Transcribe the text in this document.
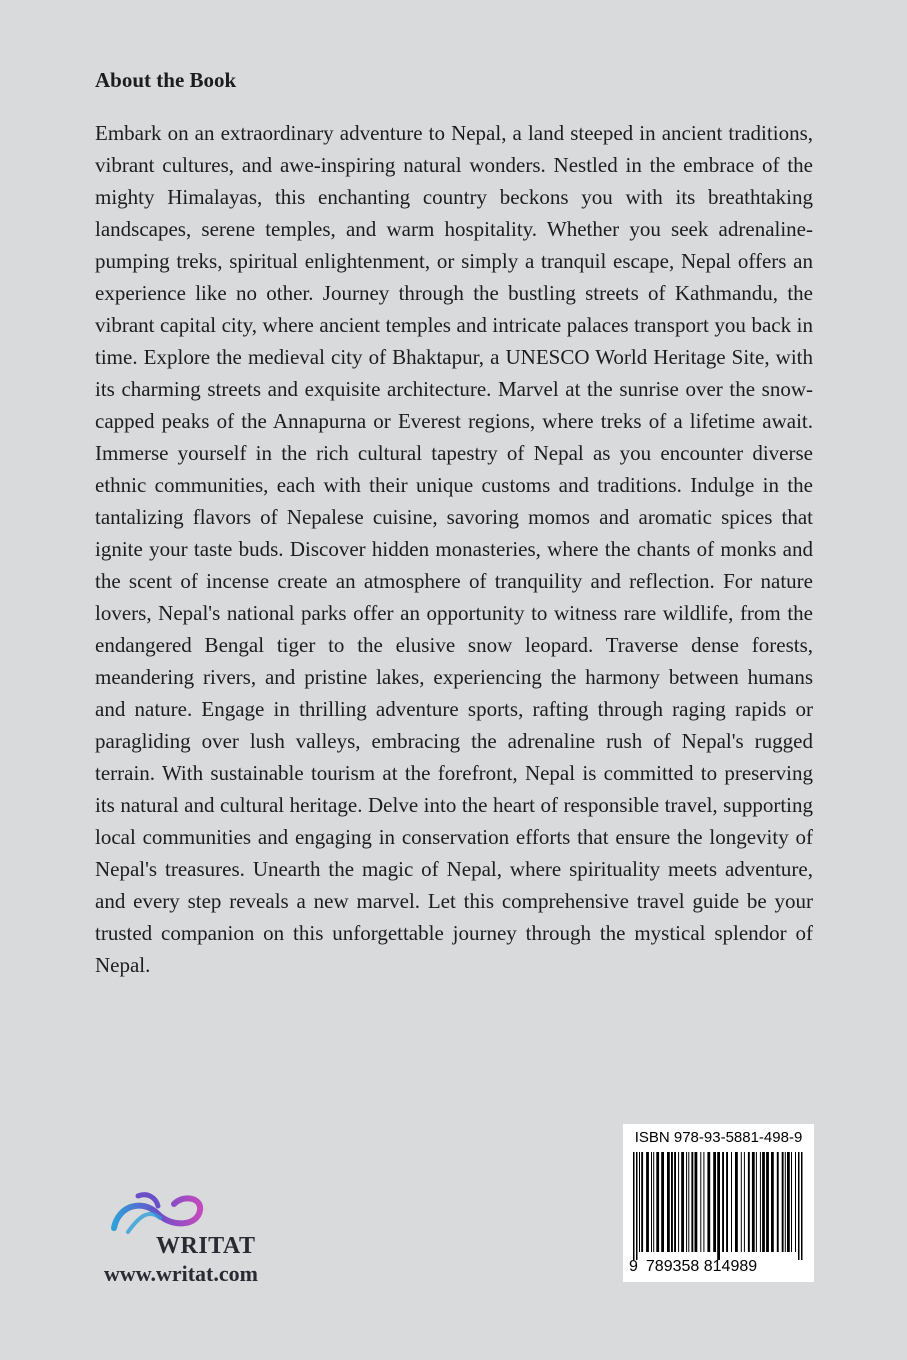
About the Book

Embark on an extraordinary adventure to Nepal, a land steeped in ancient traditions, vibrant cultures, and awe-inspiring natural wonders. Nestled in the embrace of the mighty Himalayas, this enchanting country beckons you with its breathtaking landscapes, serene temples, and warm hospitality. Whether you seek adrenaline-pumping treks, spiritual enlightenment, or simply a tranquil escape, Nepal offers an experience like no other. Journey through the bustling streets of Kathmandu, the vibrant capital city, where ancient temples and intricate palaces transport you back in time. Explore the medieval city of Bhaktapur, a UNESCO World Heritage Site, with its charming streets and exquisite architecture. Marvel at the sunrise over the snow-capped peaks of the Annapurna or Everest regions, where treks of a lifetime await. Immerse yourself in the rich cultural tapestry of Nepal as you encounter diverse ethnic communities, each with their unique customs and traditions. Indulge in the tantalizing flavors of Nepalese cuisine, savoring momos and aromatic spices that ignite your taste buds. Discover hidden monasteries, where the chants of monks and the scent of incense create an atmosphere of tranquility and reflection. For nature lovers, Nepal's national parks offer an opportunity to witness rare wildlife, from the endangered Bengal tiger to the elusive snow leopard. Traverse dense forests, meandering rivers, and pristine lakes, experiencing the harmony between humans and nature. Engage in thrilling adventure sports, rafting through raging rapids or paragliding over lush valleys, embracing the adrenaline rush of Nepal's rugged terrain. With sustainable tourism at the forefront, Nepal is committed to preserving its natural and cultural heritage. Delve into the heart of responsible travel, supporting local communities and engaging in conservation efforts that ensure the longevity of Nepal's treasures. Unearth the magic of Nepal, where spirituality meets adventure, and every step reveals a new marvel. Let this comprehensive travel guide be your trusted companion on this unforgettable journey through the mystical splendor of Nepal.

WRITAT
www.writat.com
ISBN 978-93-5881-498-9
9 789358 814989
